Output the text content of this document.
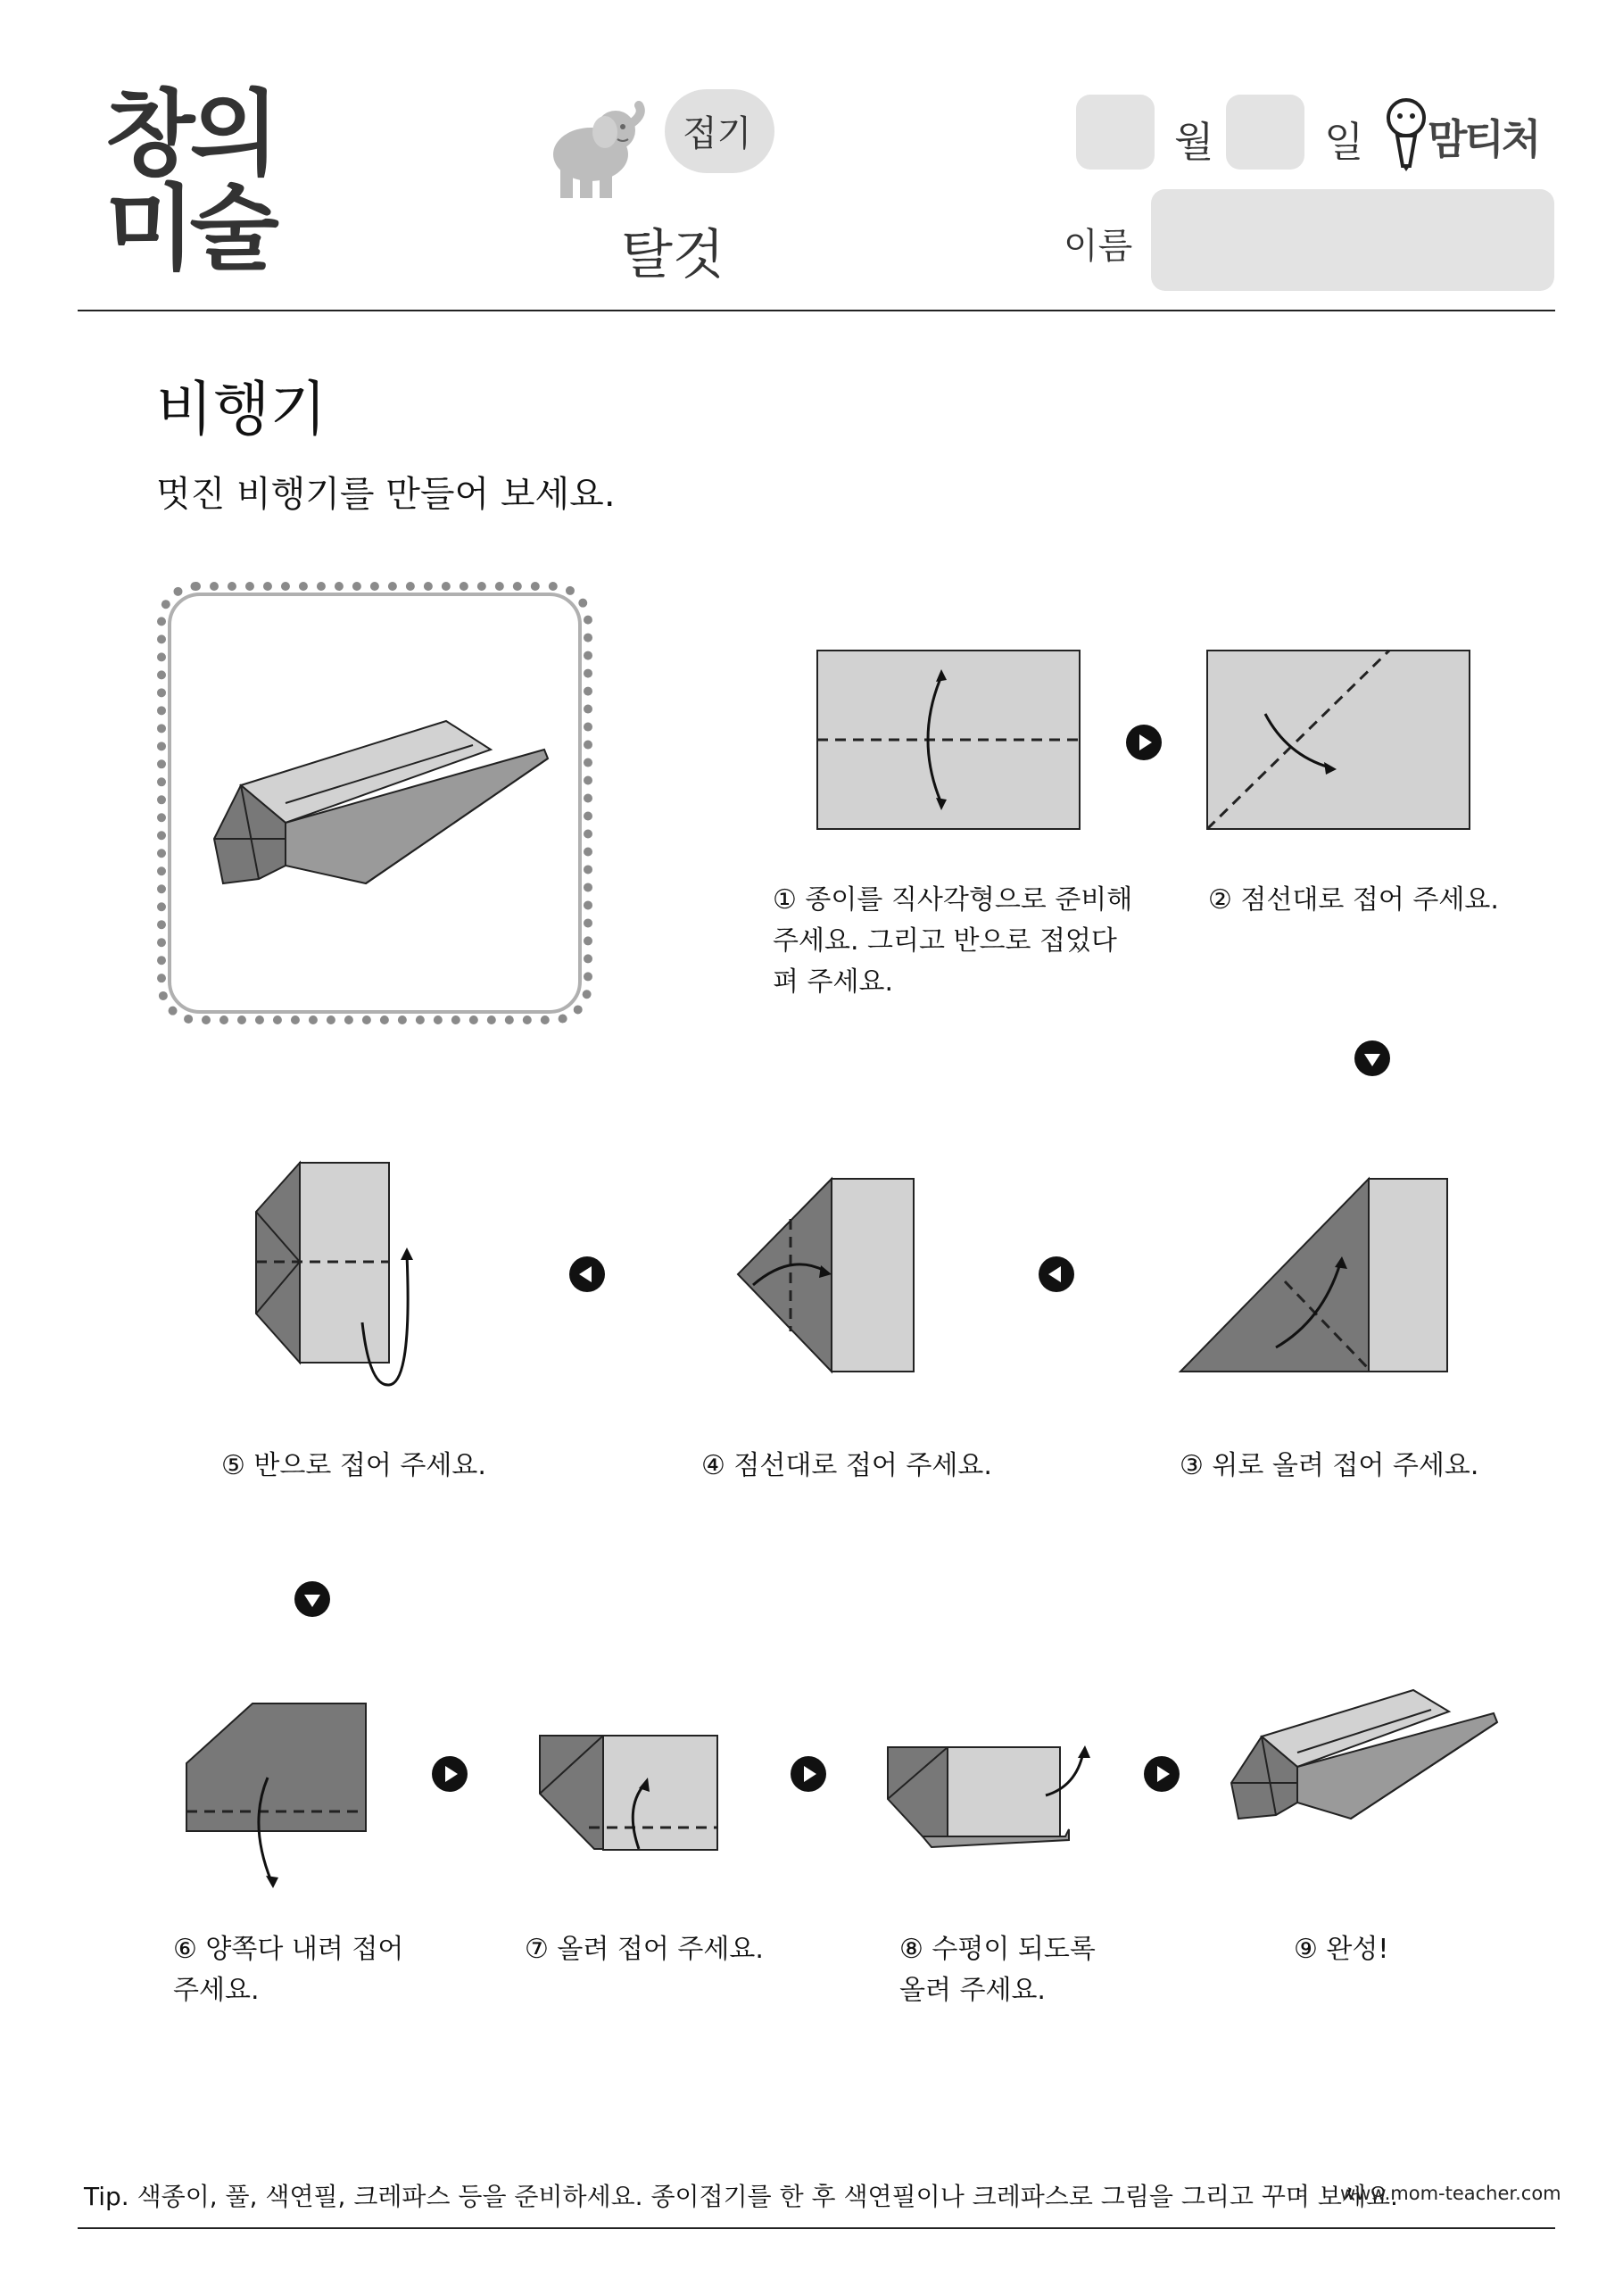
창의
미술
접기
탈것
월	일 맘티처
이름
비행기
멋진 비행기를 만들어 보세요.
① 종이를 직사각형으로 준비해
주세요. 그리고 반으로 접었다
펴 주세요.
② 점선대로 접어 주세요.
③ 위로 올려 접어 주세요.
④ 점선대로 접어 주세요.
⑤ 반으로 접어 주세요.
⑥ 양쪽다 내려 접어
주세요.
⑦ 올려 접어 주세요.	⑧ 수평이 되도록
올려 주세요.
⑨ 완성!
Tip. 색종이, 풀, 색연필, 크레파스 등을 준비하세요. 종이접기를 한 후 색연필이나 크레파스로 그림을 그리고 꾸며 보세요.
www.mom-teacher.com
